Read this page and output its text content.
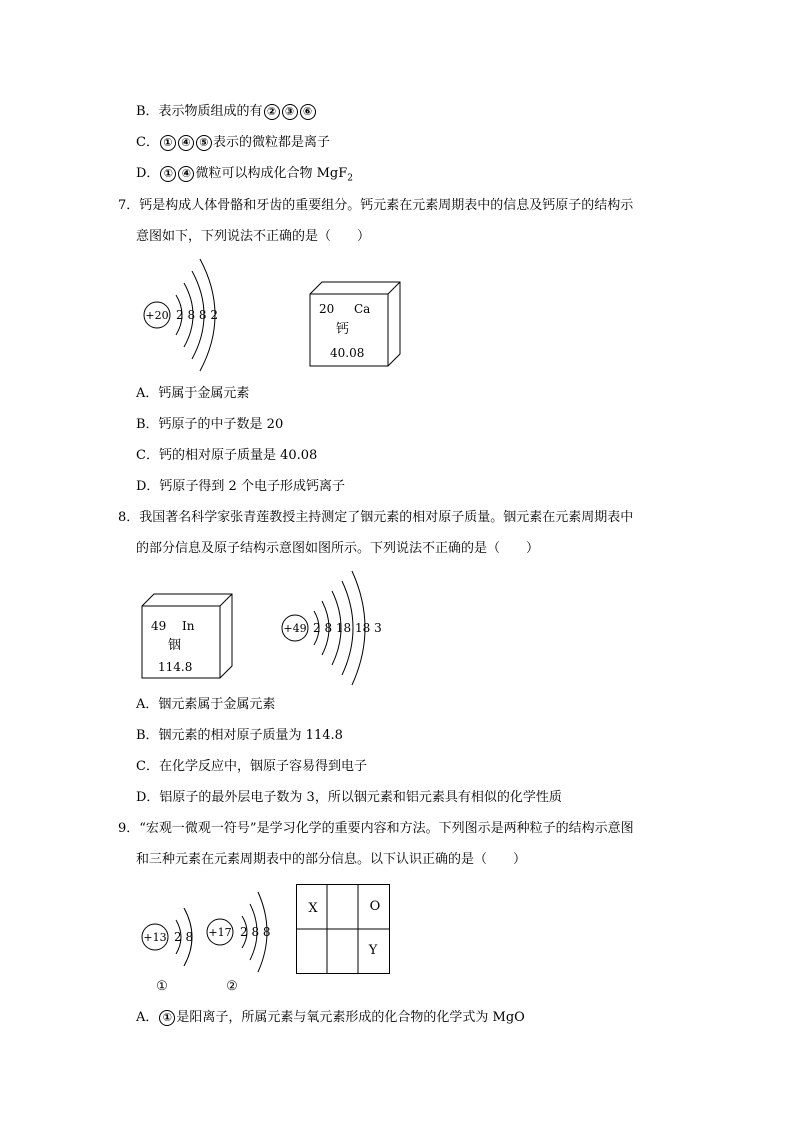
B．表示物质组成的有 ② ③ ⑥
C． ① ④ ⑤ 表示的微粒都是离子
D． ① ④ 微粒可以构成化合物 MgF$_2$
7．钙是构成人体骨骼和牙齿的重要组分。钙元素在元素周期表中的信息及钙原子的结构示
意图如下，下列说法不正确的是（　　）
+20 2 8 8 2	20 Ca
钙
40.08
A．钙属于金属元素
B．钙原子的中子数是 20
C．钙的相对原子质量是 40.08
D．钙原子得到 2 个电子形成钙离子
8．我国著名科学家张青莲教授主持测定了铟元素的相对原子质量。铟元素在元素周期表中
的部分信息及原子结构示意图如图所示。下列说法不正确的是（　　）
49 In
铟
114.8
+49 2 8 18 18 3
A．铟元素属于金属元素
B．铟元素的相对原子质量为 114.8
C．在化学反应中，铟原子容易得到电子
D．铝原子的最外层电子数为 3，所以铟元素和铝元素具有相似的化学性质
9．“宏观一微观一符号”是学习化学的重要内容和方法。下列图示是两种粒子的结构示意图
和三种元素在元素周期表中的部分信息。以下认识正确的是（　　）
+13 2 8
①
+17 2 8 8
②
X	O
Y
A． ① 是阳离子，所属元素与氧元素形成的化合物的化学式为 MgO
